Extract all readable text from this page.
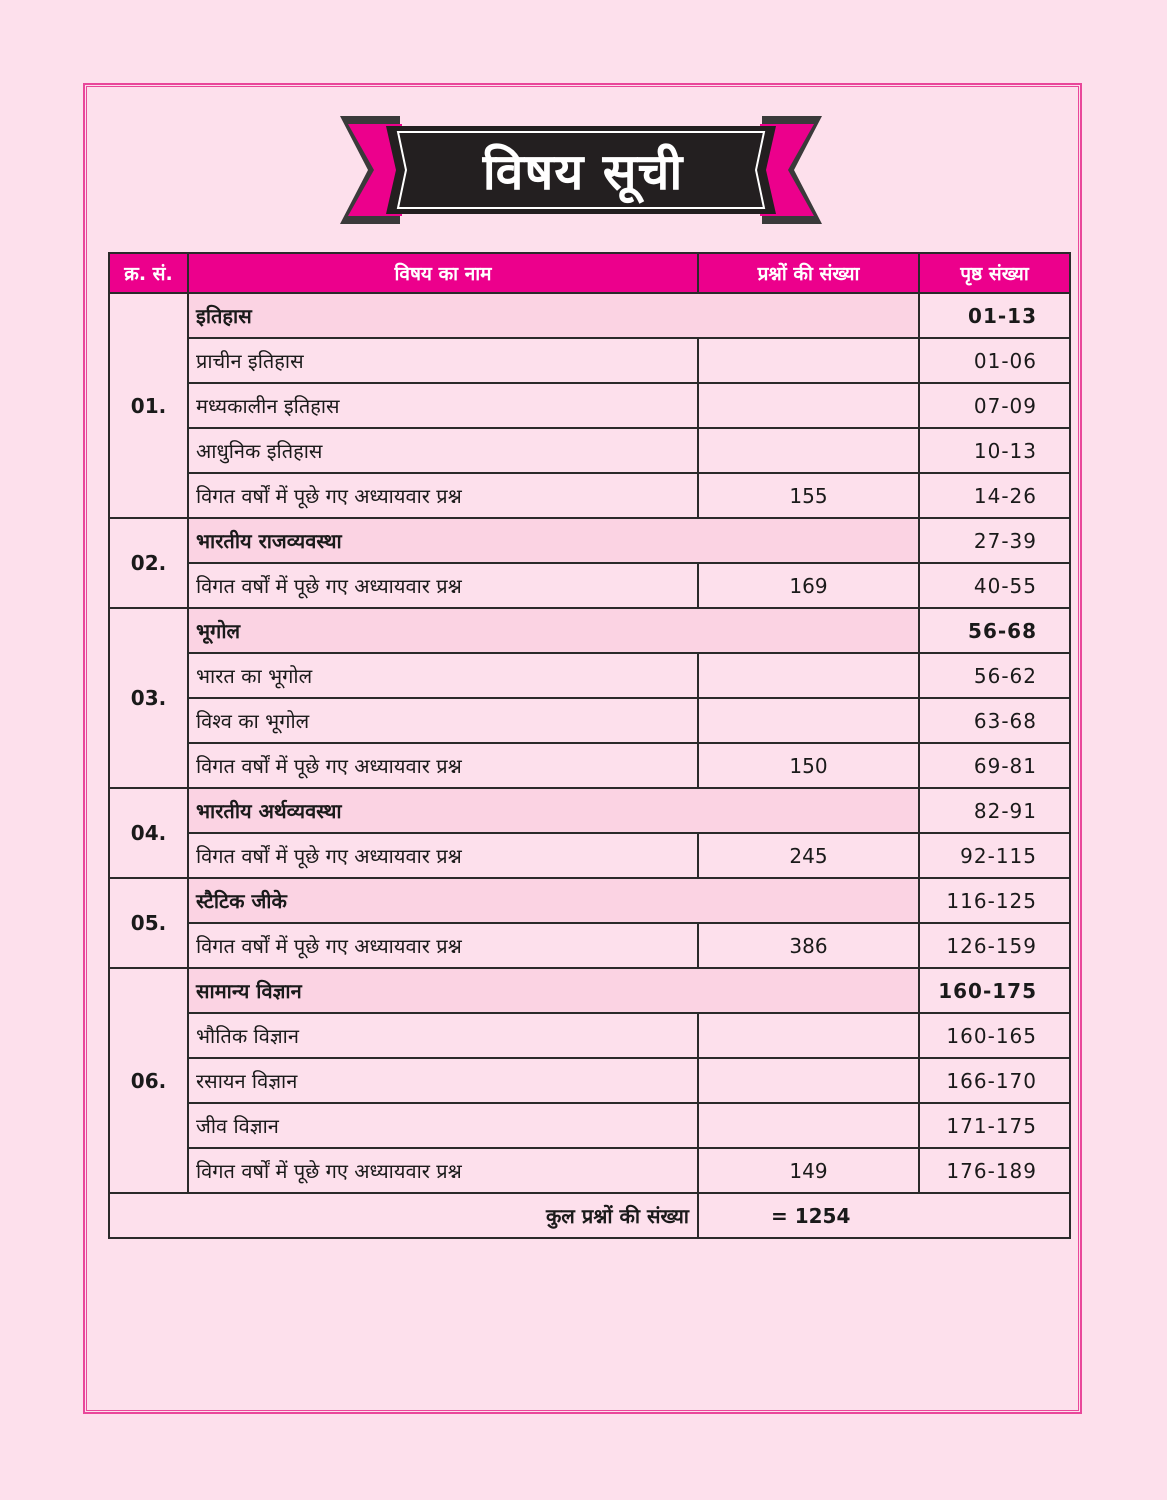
विषय सूची
क्र. सं.	विषय का नाम	प्रश्नों की संख्या	पृष्ठ संख्या
01.	इतिहास		01-13
	प्राचीन इतिहास		01-06
	मध्यकालीन इतिहास		07-09
	आधुनिक इतिहास		10-13
	विगत वर्षों में पूछे गए अध्यायवार प्रश्न	155	14-26
02.	भारतीय राजव्यवस्था		27-39
	विगत वर्षों में पूछे गए अध्यायवार प्रश्न	169	40-55
03.	भूगोल		56-68
	भारत का भूगोल		56-62
	विश्व का भूगोल		63-68
	विगत वर्षों में पूछे गए अध्यायवार प्रश्न	150	69-81
04.	भारतीय अर्थव्यवस्था		82-91
	विगत वर्षों में पूछे गए अध्यायवार प्रश्न	245	92-115
05.	स्टैटिक जीके		116-125
	विगत वर्षों में पूछे गए अध्यायवार प्रश्न	386	126-159
06.	सामान्य विज्ञान		160-175
	भौतिक विज्ञान		160-165
	रसायन विज्ञान		166-170
	जीव विज्ञान		171-175
	विगत वर्षों में पूछे गए अध्यायवार प्रश्न	149	176-189
कुल प्रश्नों की संख्या		= 1254	
